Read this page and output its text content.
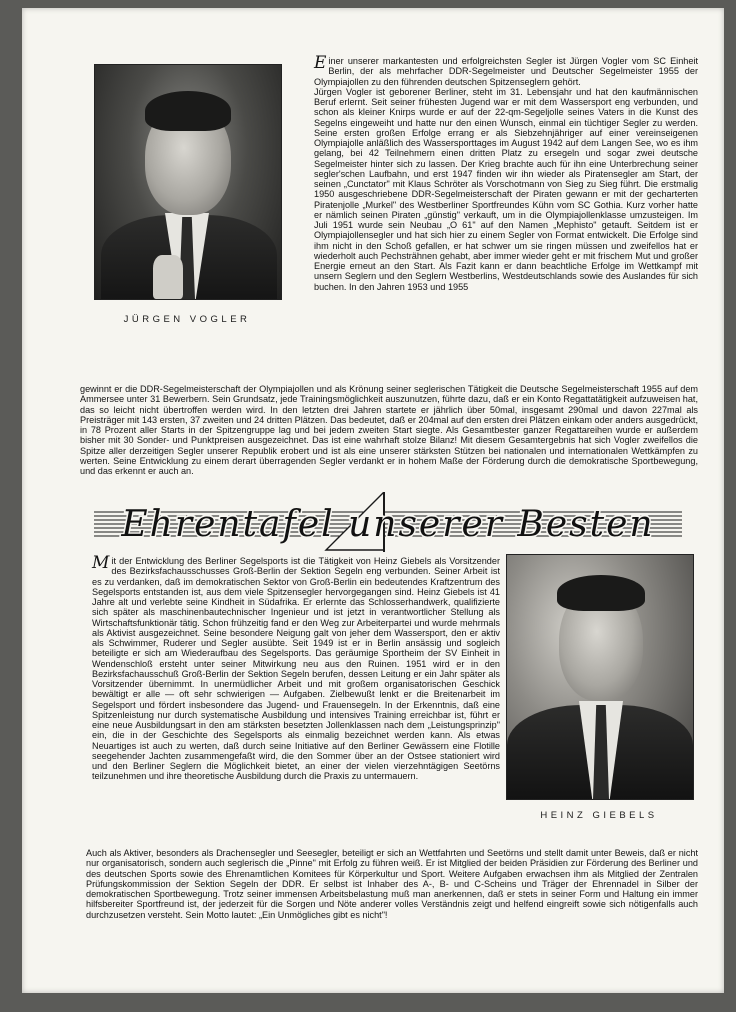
JÜRGEN VOGLER

Einer unserer markantesten und erfolgreichsten Segler ist Jürgen Vogler vom SC Einheit Berlin, der als mehrfacher DDR-Segelmeister und Deutscher Segelmeister 1955 der Olympiajollen zu den führenden deutschen Spitzenseglern gehört.
Jürgen Vogler ist geborener Berliner, steht im 31. Lebensjahr und hat den kaufmännischen Beruf erlernt. Seit seiner frühesten Jugend war er mit dem Wassersport eng verbunden, und schon als kleiner Knirps wurde er auf der 22-qm-Segeljolle seines Vaters in die Kunst des Segelns eingeweiht und hatte nur den einen Wunsch, einmal ein tüchtiger Segler zu werden. Seine ersten großen Erfolge errang er als Siebzehnjähriger auf einer vereinseigenen Olympiajolle anläßlich des Wassersporttages im August 1942 auf dem Langen See, wo es ihm gelang, bei 42 Teilnehmern einen dritten Platz zu ersegeln und sogar zwei deutsche Segelmeister hinter sich zu lassen. Der Krieg brachte auch für ihn eine Unterbrechung seiner segler'schen Laufbahn, und erst 1947 finden wir ihn wieder als Piratensegler am Start, der seinen „Cunctator" mit Klaus Schröter als Vorschotmann von Sieg zu Sieg führt. Die erstmalig 1950 ausgeschriebene DDR-Segelmeisterschaft der Piraten gewann er mit der gecharterten Piratenjolle „Murkel" des Westberliner Sportfreundes Kühn vom SC Gothia. Kurz vorher hatte er nämlich seinen Piraten „günstig" verkauft, um in die Olympiajollenklasse umzusteigen. Im Juli 1951 wurde sein Neubau „O 61" auf den Namen „Mephisto" getauft. Seitdem ist er Olympiajollensegler und hat sich hier zu einem Segler von Format entwickelt. Die Erfolge sind ihm nicht in den Schoß gefallen, er hat schwer um sie ringen müssen und zweifellos hat er wiederholt auch Pechsträhnen gehabt, aber immer wieder geht er mit frischem Mut und großer Energie erneut an den Start. Als Fazit kann er dann beachtliche Erfolge im Wettkampf mit unsern Seglern und den Seglern Westberlins, Westdeutschlands sowie des Auslandes für sich buchen. In den Jahren 1953 und 1955

gewinnt er die DDR-Segelmeisterschaft der Olympiajollen und als Krönung seiner seglerischen Tätigkeit die Deutsche Segelmeisterschaft 1955 auf dem Ammersee unter 31 Bewerbern. Sein Grundsatz, jede Trainingsmöglichkeit auszunutzen, führte dazu, daß er ein Konto Regattatätigkeit aufzuweisen hat, das so leicht nicht übertroffen werden wird. In den letzten drei Jahren startete er jährlich über 50mal, insgesamt 290mal und davon 227mal als Preisträger mit 143 ersten, 37 zweiten und 24 dritten Plätzen. Das bedeutet, daß er 204mal auf den ersten drei Plätzen einkam oder anders ausgedrückt, in 78 Prozent aller Starts in der Spitzengruppe lag und bei jedem zweiten Start siegte. Als Gesamtbester ganzer Regattareihen wurde er außerdem bisher mit 30 Sonder- und Punktpreisen ausgezeichnet. Das ist eine wahrhaft stolze Bilanz! Mit diesem Gesamtergebnis hat sich Vogler zweifellos die Spitze aller derzeitigen Segler unserer Republik erobert und ist als eine unserer stärksten Stützen bei nationalen und internationalen Wettkämpfen zu werten. Seine Entwicklung zu einem derart überragenden Segler verdankt er in hohem Maße der Förderung durch die demokratische Sportbewegung, und das erkennt er auch an.

Ehrentafel unserer Besten

Mit der Entwicklung des Berliner Segelsports ist die Tätigkeit von Heinz Giebels als Vorsitzender des Bezirksfachausschusses Groß-Berlin der Sektion Segeln eng verbunden. Seiner Arbeit ist es zu verdanken, daß im demokratischen Sektor von Groß-Berlin ein bedeutendes Kraftzentrum des Segelsports entstanden ist, aus dem viele Spitzensegler hervorgegangen sind. Heinz Giebels ist 41 Jahre alt und verlebte seine Kindheit in Südafrika. Er erlernte das Schlosserhandwerk, qualifizierte sich später als maschinenbautechnischer Ingenieur und ist jetzt in verantwortlicher Stellung als Wirtschaftsfunktionär tätig. Schon frühzeitig fand er den Weg zur Arbeiterpartei und wurde mehrmals als Aktivist ausgezeichnet. Seine besondere Neigung galt von jeher dem Wassersport, den er aktiv als Schwimmer, Ruderer und Segler ausübte. Seit 1949 ist er in Berlin ansässig und sogleich beteiligte er sich am Wiederaufbau des Segelsports. Das geräumige Sportheim der SV Einheit in Wendenschloß ersteht unter seiner Mitwirkung neu aus den Ruinen. 1951 wird er in den Bezirksfachausschuß Groß-Berlin der Sektion Segeln berufen, dessen Leitung er ein Jahr später als Vorsitzender übernimmt. In unermüdlicher Arbeit und mit großem organisatorischen Geschick bewältigt er alle — oft sehr schwierigen — Aufgaben. Zielbewußt lenkt er die Breitenarbeit im Segelsport und fördert insbesondere das Jugend- und Frauensegeln. In der Erkenntnis, daß eine Spitzenleistung nur durch systematische Ausbildung und intensives Training erreichbar ist, führt er eine neue Ausbildungsart in den am stärksten besetzten Jollenklassen nach dem „Leistungsprinzip" ein, die in der Geschichte des Segelsports als einmalig bezeichnet werden kann. Als etwas Neuartiges ist auch zu werten, daß durch seine Initiative auf den Berliner Gewässern eine Flotille seegehender Jachten zusammengefaßt wird, die den Sommer über an der Ostsee stationiert wird und den Berliner Seglern die Möglichkeit bietet, an einer der vielen vierzehntägigen Seetörns teilzunehmen und ihre theoretische Ausbildung durch die Praxis zu untermauern.

HEINZ GIEBELS

Auch als Aktiver, besonders als Drachensegler und Seesegler, beteiligt er sich an Wettfahrten und Seetörns und stellt damit unter Beweis, daß er nicht nur organisatorisch, sondern auch seglerisch die „Pinne" mit Erfolg zu führen weiß. Er ist Mitglied der beiden Präsidien zur Förderung des Berliner und des deutschen Sports sowie des Ehrenamtlichen Komitees für Körperkultur und Sport. Weitere Aufgaben erwachsen ihm als Mitglied der Zentralen Prüfungskommission der Sektion Segeln der DDR. Er selbst ist Inhaber des A-, B- und C-Scheins und Träger der Ehrennadel in Silber der demokratischen Sportbewegung. Trotz seiner immensen Arbeitsbelastung muß man anerkennen, daß er stets in seiner Form und Haltung ein immer hilfsbereiter Sportfreund ist, der jederzeit für die Sorgen und Nöte anderer volles Verständnis zeigt und helfend eingreift sowie sich nötigenfalls auch durchzusetzen versteht. Sein Motto lautet: „Ein Unmögliches gibt es nicht"!
